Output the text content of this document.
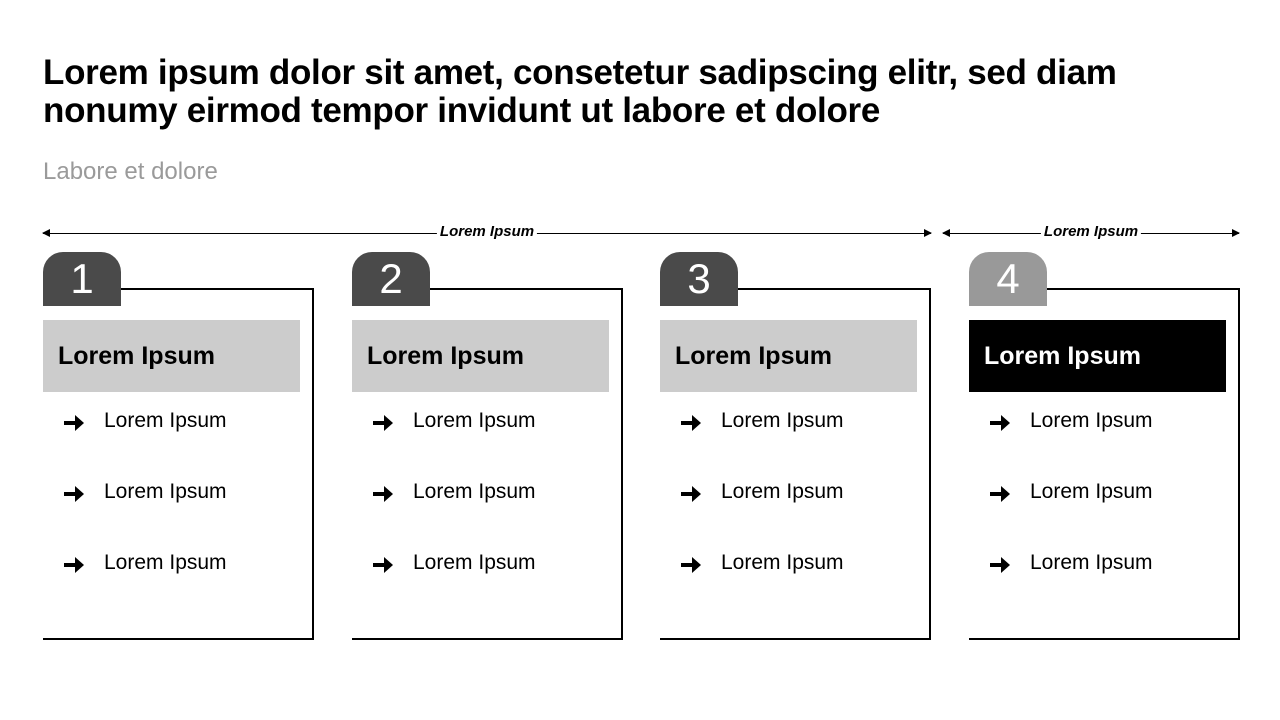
Lorem ipsum dolor sit amet, consetetur sadipscing elitr, sed diam nonumy eirmod tempor invidunt ut labore et dolore

Labore et dolore

Lorem Ipsum	Lorem Ipsum
1
Lorem Ipsum
Lorem Ipsum
Lorem Ipsum
Lorem Ipsum
2
Lorem Ipsum
Lorem Ipsum
Lorem Ipsum
Lorem Ipsum
3
Lorem Ipsum
Lorem Ipsum
Lorem Ipsum
Lorem Ipsum
4
Lorem Ipsum
Lorem Ipsum
Lorem Ipsum
Lorem Ipsum
